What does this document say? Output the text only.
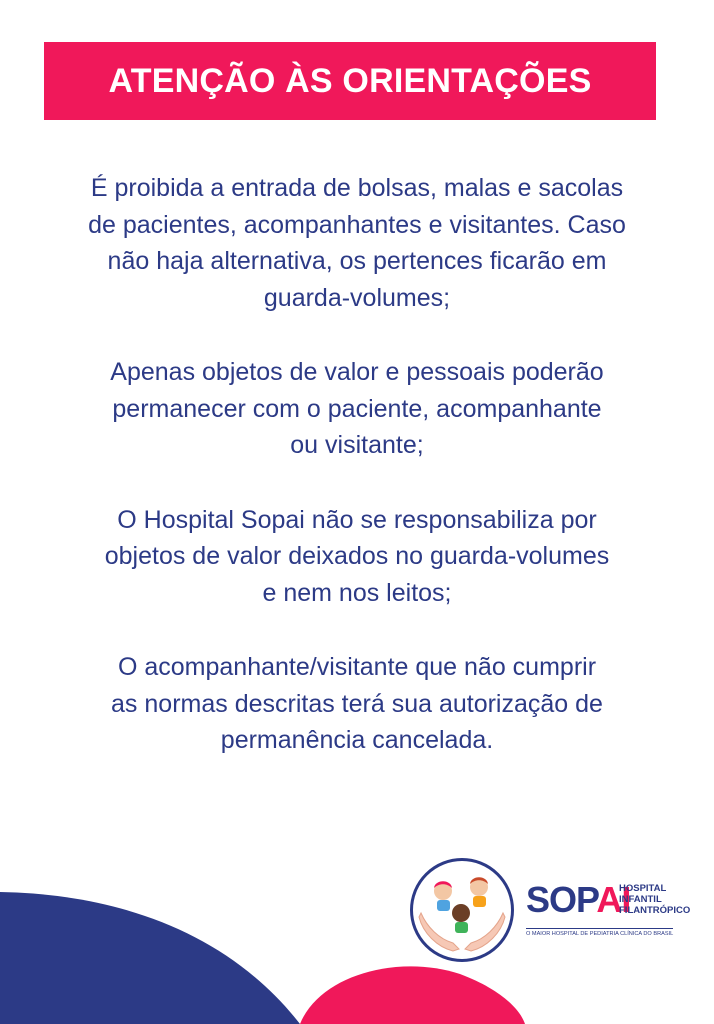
ATENÇÃO ÀS ORIENTAÇÕES

É proibida a entrada de bolsas, malas e sacolas
de pacientes, acompanhantes e visitantes. Caso
não haja alternativa, os pertences ficarão em
guarda-volumes;

Apenas objetos de valor e pessoais poderão
permanecer com o paciente, acompanhante
ou visitante;

O Hospital Sopai não se responsabiliza por
objetos de valor deixados no guarda-volumes
e nem nos leitos;

O acompanhante/visitante que não cumprir
as normas descritas terá sua autorização de
permanência cancelada.

SOPAI
HOSPITAL
INFANTIL
FILANTRÓPICO
O MAIOR HOSPITAL DE PEDIATRIA CLÍNICA DO BRASIL
